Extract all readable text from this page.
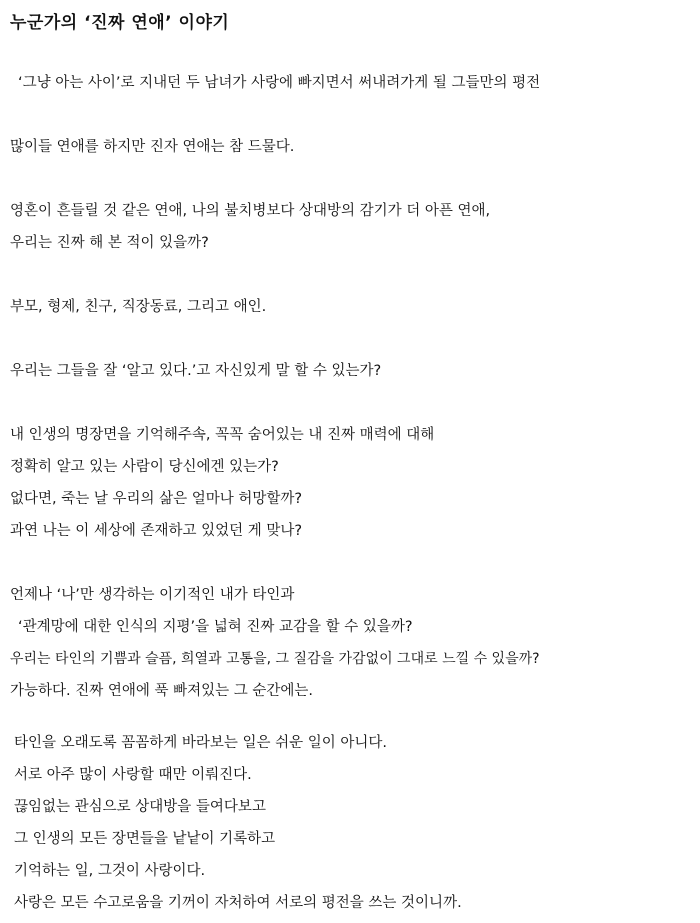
누군가의 ‘진짜 연애’ 이야기
‘그냥 아는 사이’로 지내던 두 남녀가 사랑에 빠지면서 써내려가게 될 그들만의 평전
많이들 연애를 하지만 진자 연애는 참 드물다.
영혼이 흔들릴 것 같은 연애, 나의 불치병보다 상대방의 감기가 더 아픈 연애,
우리는 진짜 해 본 적이 있을까?
부모, 형제, 친구, 직장동료, 그리고 애인.
우리는 그들을 잘 ‘알고 있다.’고 자신있게 말 할 수 있는가?
내 인생의 명장면을 기억해주속, 꼭꼭 숨어있는 내 진짜 매력에 대해
정확히 알고 있는 사람이 당신에겐 있는가?
없다면, 죽는 날 우리의 삶은 얼마나 허망할까?
과연 나는 이 세상에 존재하고 있었던 게 맞나?
언제나 ‘나’만 생각하는 이기적인 내가 타인과
‘관계망에 대한 인식의 지평’을 넓혀 진짜 교감을 할 수 있을까?
우리는 타인의 기쁨과 슬픔, 희열과 고통을, 그 질감을 가감없이 그대로 느낄 수 있을까?
가능하다. 진짜 연애에 푹 빠져있는 그 순간에는.
타인을 오래도록 꼼꼼하게 바라보는 일은 쉬운 일이 아니다.
서로 아주 많이 사랑할 때만 이뤄진다.
끊임없는 관심으로 상대방을 들여다보고
그 인생의 모든 장면들을 낱낱이 기록하고
기억하는 일, 그것이 사랑이다.
사랑은 모든 수고로움을 기꺼이 자처하여 서로의 평전을 쓰는 것이니까.
